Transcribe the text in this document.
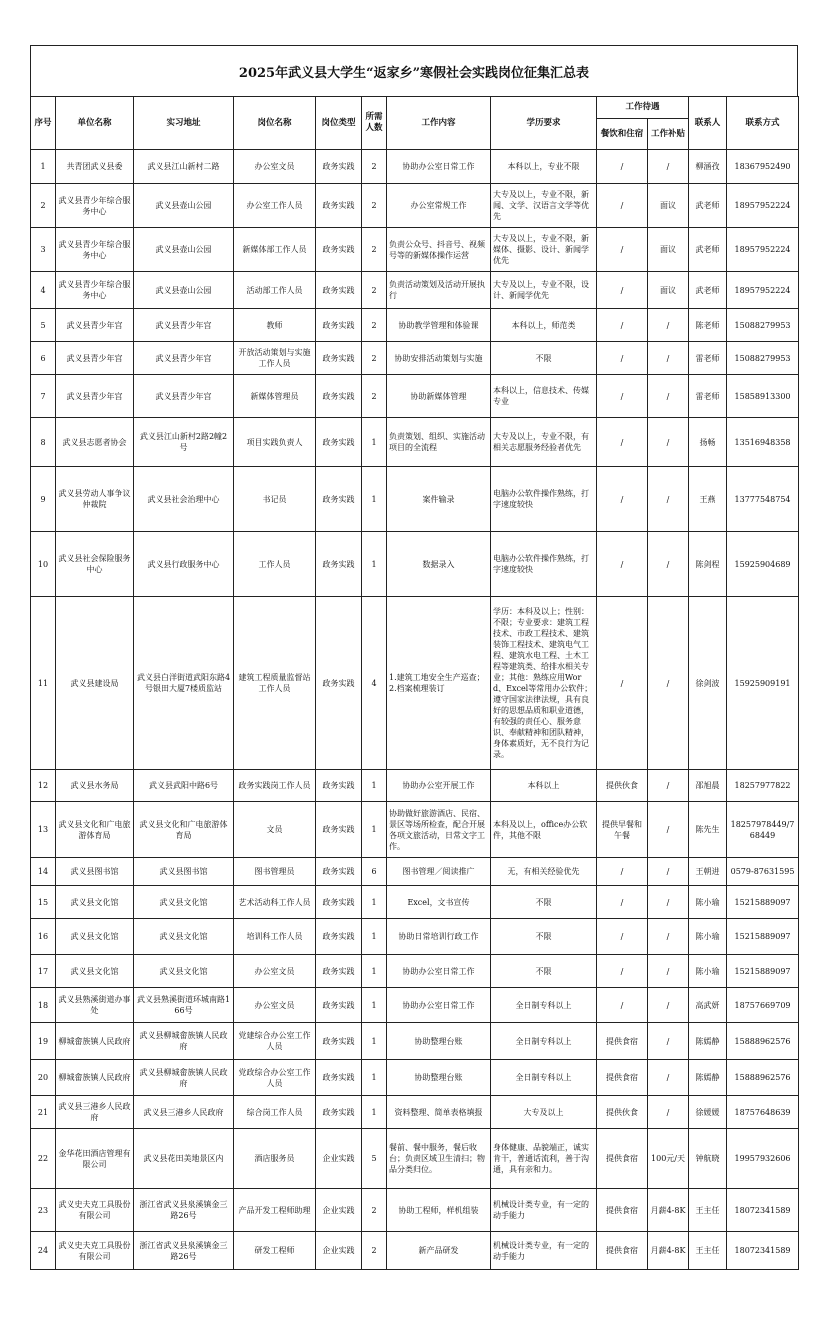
2025年武义县大学生“返家乡”寒假社会实践岗位征集汇总表
序号	单位名称	实习地址	岗位名称	岗位类型	所需人数	工作内容	学历要求	工作待遇		联系人	联系方式
								餐饮和住宿	工作补贴		
1	共青团武义县委	武义县江山新村二路	办公室文员	政务实践	2	协助办公室日常工作	本科以上，专业不限	/	/	柳涵孜	18367952490
2	武义县青少年综合服务中心	武义县壶山公园	办公室工作人员	政务实践	2	办公室常规工作	大专及以上，专业不限，新闻、文学、汉语言文学等优先	/	面议	武老师	18957952224
3	武义县青少年综合服务中心	武义县壶山公园	新媒体部工作人员	政务实践	2	负责公众号、抖音号、视频号等的新媒体操作运营	大专及以上，专业不限，新媒体、摄影、设计、新闻学优先	/	面议	武老师	18957952224
4	武义县青少年综合服务中心	武义县壶山公园	活动部工作人员	政务实践	2	负责活动策划及活动开展执行	大专及以上，专业不限，设计、新闻学优先	/	面议	武老师	18957952224
5	武义县青少年宫	武义县青少年宫	教师	政务实践	2	协助教学管理和体验课	本科以上，师范类	/	/	陈老师	15088279953
6	武义县青少年宫	武义县青少年宫	开放活动策划与实施工作人员	政务实践	2	协助安排活动策划与实施	不限	/	/	雷老师	15088279953
7	武义县青少年宫	武义县青少年宫	新媒体管理员	政务实践	2	协助新媒体管理	本科以上，信息技术、传媒专业	/	/	雷老师	15858913300
8	武义县志愿者协会	武义县江山新村2路2幢2号	项目实践负责人	政务实践	1	负责策划、组织、实施活动项目的全流程	大专及以上，专业不限，有相关志愿服务经验者优先	/	/	扬畅	13516948358
9	武义县劳动人事争议仲裁院	武义县社会治理中心	书记员	政务实践	1	案件输录	电脑办公软件操作熟练，打字速度较快	/	/	王燕	13777548754
10	武义县社会保险服务中心	武义县行政服务中心	工作人员	政务实践	1	数据录入	电脑办公软件操作熟练，打字速度较快	/	/	陈剑程	15925904689
11	武义县建设局	武义县白洋街道武阳东路4号银田大厦7楼质监站	建筑工程质量监督站工作人员	政务实践	4	1.建筑工地安全生产巡查；2.档案梳理装订	学历：本科及以上；性别：不限；专业要求：建筑工程技术、市政工程技术、建筑装饰工程技术、建筑电气工程、建筑水电工程、土木工程等建筑类、给排水相关专业；其他：熟练应用Word、Excel等常用办公软件；遵守国家法律法规，具有良好的思想品质和职业道德，有较强的责任心、服务意识、奉献精神和团队精神，身体素质好，无不良行为记录。	/	/	徐剑波	15925909191
12	武义县水务局	武义县武阳中路6号	政务实践岗工作人员	政务实践	1	协助办公室开展工作	本科以上	提供伙食	/	邵旭晨	18257977822
13	武义县文化和广电旅游体育局	武义县文化和广电旅游体育局	文员	政务实践	1	协助做好旅游酒店、民宿、景区等场所检查，配合开展各项文旅活动，日常文字工作。	本科及以上，office办公软件，其他不限	提供早餐和午餐	/	陈先生	18257978449/768449
14	武义县图书馆	武义县图书馆	图书管理员	政务实践	6	图书管理／阅读推广	无，有相关经验优先	/	/	王朝进	0579-87631595
15	武义县文化馆	武义县文化馆	艺术活动科工作人员	政务实践	1	Excel，文书宣传	不限	/	/	陈小瑜	15215889097
16	武义县文化馆	武义县文化馆	培训科工作人员	政务实践	1	协助日常培训行政工作	不限	/	/	陈小瑜	15215889097
17	武义县文化馆	武义县文化馆	办公室文员	政务实践	1	协助办公室日常工作	不限	/	/	陈小瑜	15215889097
18	武义县熟溪街道办事处	武义县熟溪街道环城南路166号	办公室文员	政务实践	1	协助办公室日常工作	全日制专科以上	/	/	高武妍	18757669709
19	柳城畲族镇人民政府	武义县柳城畲族镇人民政府	党建综合办公室工作人员	政务实践	1	协助整理台账	全日制专科以上	提供食宿	/	陈嫣静	15888962576
20	柳城畲族镇人民政府	武义县柳城畲族镇人民政府	党政综合办公室工作人员	政务实践	1	协助整理台账	全日制专科以上	提供食宿	/	陈嫣静	15888962576
21	武义县三港乡人民政府	武义县三港乡人民政府	综合岗工作人员	政务实践	1	资料整理、简单表格填报	大专及以上	提供伙食	/	徐媛媛	18757648639
22	金华花田酒店管理有限公司	武义县花田美地景区内	酒店服务员	企业实践	5	餐前、餐中服务，餐后收台；负责区域卫生清扫；物品分类归位。	身体健康、品貌端正，诚实肯干，普通话流利，善于沟通，具有亲和力。	提供食宿	100元/天	钟航晓	19957932606
23	武义史夫克工具股份有限公司	浙江省武义县泉溪镇金三路26号	产品开发工程师助理	企业实践	2	协助工程师，样机组装	机械设计类专业，有一定的动手能力	提供食宿	月薪4-8K	王主任	18072341589
24	武义史夫克工具股份有限公司	浙江省武义县泉溪镇金三路26号	研发工程师	企业实践	2	新产品研发	机械设计类专业，有一定的动手能力	提供食宿	月薪4-8K	王主任	18072341589
